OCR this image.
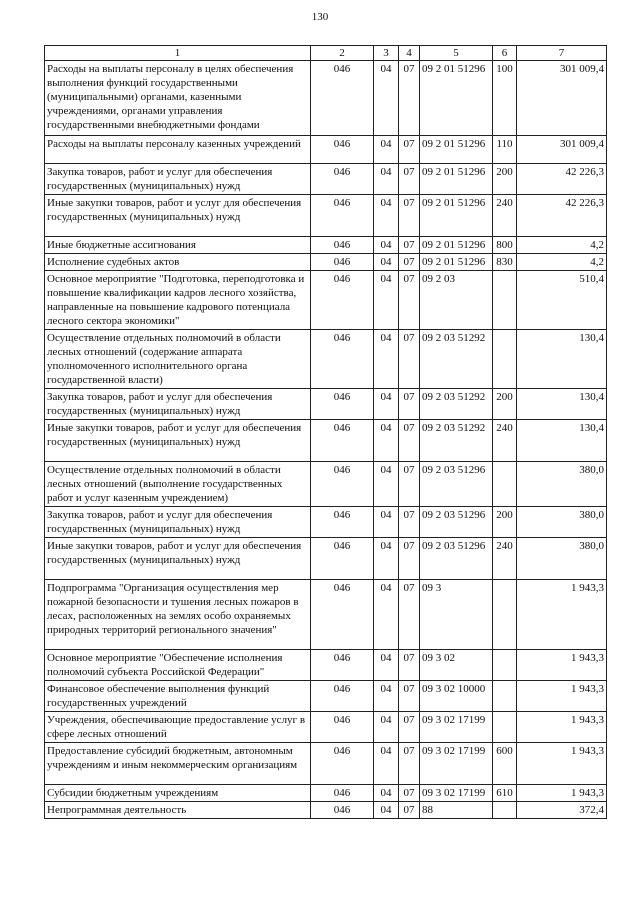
130
1	2	3	4	5	6	7
Расходы на выплаты персоналу в целях обеспечения выполнения функций государственными (муниципальными) органами, казенными учреждениями, органами управления государственными внебюджетными фондами	046	04	07	09 2 01 51296	100	301 009,4
Расходы на выплаты персоналу казенных учреждений	046	04	07	09 2 01 51296	110	301 009,4
Закупка товаров, работ и услуг для обеспечения государственных (муниципальных) нужд	046	04	07	09 2 01 51296	200	42 226,3
Иные закупки товаров, работ и услуг для обеспечения государственных (муниципальных) нужд	046	04	07	09 2 01 51296	240	42 226,3
Иные бюджетные ассигнования	046	04	07	09 2 01 51296	800	4,2
Исполнение судебных актов	046	04	07	09 2 01 51296	830	4,2
Основное мероприятие "Подготовка, переподготовка и повышение квалификации кадров лесного хозяйства, направленные на повышение кадрового потенциала лесного сектора экономики"	046	04	07	09 2 03		510,4
Осуществление отдельных полномочий в области лесных отношений (содержание аппарата уполномоченного исполнительного органа государственной власти)	046	04	07	09 2 03 51292		130,4
Закупка товаров, работ и услуг для обеспечения государственных (муниципальных) нужд	046	04	07	09 2 03 51292	200	130,4
Иные закупки товаров, работ и услуг для обеспечения государственных (муниципальных) нужд	046	04	07	09 2 03 51292	240	130,4
Осуществление отдельных полномочий в области лесных отношений (выполнение государственных работ и услуг казенным учреждением)	046	04	07	09 2 03 51296		380,0
Закупка товаров, работ и услуг для обеспечения государственных (муниципальных) нужд	046	04	07	09 2 03 51296	200	380,0
Иные закупки товаров, работ и услуг для обеспечения государственных (муниципальных) нужд	046	04	07	09 2 03 51296	240	380,0
Подпрограмма "Организация осуществления мер пожарной безопасности и тушения лесных пожаров в лесах, расположенных на землях особо охраняемых природных территорий регионального значения"	046	04	07	09 3		1 943,3
Основное мероприятие "Обеспечение исполнения полномочий субъекта Российской Федерации"	046	04	07	09 3 02		1 943,3
Финансовое обеспечение выполнения функций государственных учреждений	046	04	07	09 3 02 10000		1 943,3
Учреждения, обеспечивающие предоставление услуг в сфере лесных отношений	046	04	07	09 3 02 17199		1 943,3
Предоставление субсидий бюджетным, автономным учреждениям и иным некоммерческим организациям	046	04	07	09 3 02 17199	600	1 943,3
Субсидии бюджетным учреждениям	046	04	07	09 3 02 17199	610	1 943,3
Непрограммная деятельность	046	04	07	88		372,4
